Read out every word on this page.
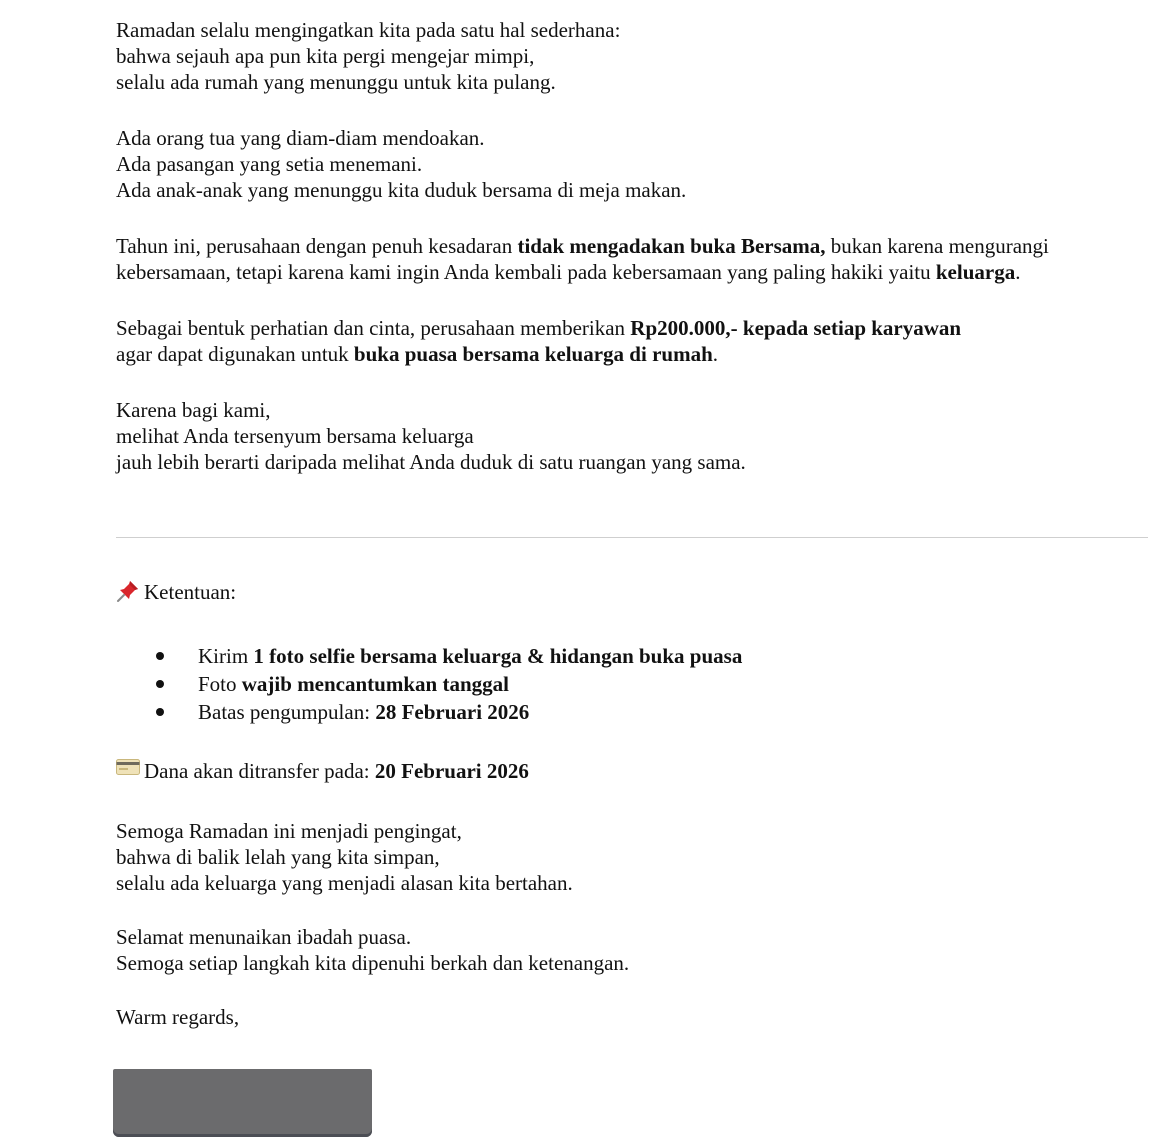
Ramadan selalu mengingatkan kita pada satu hal sederhana:
bahwa sejauh apa pun kita pergi mengejar mimpi,
selalu ada rumah yang menunggu untuk kita pulang.

Ada orang tua yang diam-diam mendoakan.
Ada pasangan yang setia menemani.
Ada anak-anak yang menunggu kita duduk bersama di meja makan.

Tahun ini, perusahaan dengan penuh kesadaran tidak mengadakan buka Bersama, bukan karena mengurangi
kebersamaan, tetapi karena kami ingin Anda kembali pada kebersamaan yang paling hakiki yaitu keluarga.

Sebagai bentuk perhatian dan cinta, perusahaan memberikan Rp200.000,- kepada setiap karyawan
agar dapat digunakan untuk buka puasa bersama keluarga di rumah.

Karena bagi kami,
melihat Anda tersenyum bersama keluarga
jauh lebih berarti daripada melihat Anda duduk di satu ruangan yang sama.

Ketentuan:
Kirim 1 foto selfie bersama keluarga & hidangan buka puasa
Foto wajib mencantumkan tanggal
Batas pengumpulan: 28 Februari 2026
Dana akan ditransfer pada: 20 Februari 2026

Semoga Ramadan ini menjadi pengingat,
bahwa di balik lelah yang kita simpan,
selalu ada keluarga yang menjadi alasan kita bertahan.

Selamat menunaikan ibadah puasa.
Semoga setiap langkah kita dipenuhi berkah dan ketenangan.

Warm regards,
